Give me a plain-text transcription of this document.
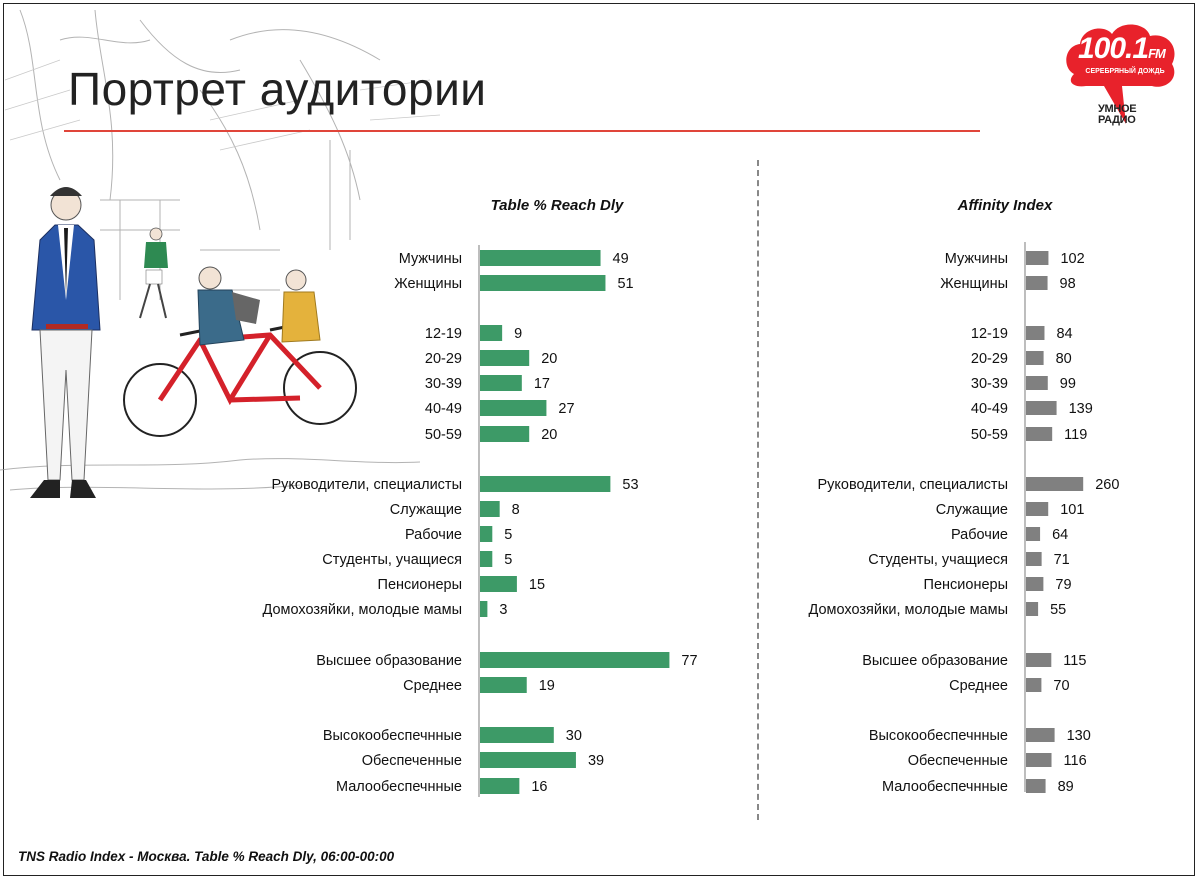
Портрет аудитории
100.1FM
СЕРЕБРЯНЫЙ ДОЖДЬ
УМНОЕ
РАДИО
Table % Reach Dly
Мужчины	49
Женщины	51
12-19	9
20-29	20
30-39	17
40-49	27
50-59	20
Руководители, специалисты	53
Служащие	8
Рабочие	5
Студенты, учащиеся	5
Пенсионеры	15
Домохозяйки, молодые мамы	3
Высшее образование	77
Среднее	19
Высокообеспечнные	30
Обеспеченные	39
Малообеспечнные	16
Affinity Index
Мужчины	102
Женщины	98
12-19	84
20-29	80
30-39	99
40-49	139
50-59	119
Руководители, специалисты	260
Служащие	101
Рабочие	64
Студенты, учащиеся	71
Пенсионеры	79
Домохозяйки, молодые мамы	55
Высшее образование	115
Среднее	70
Высокообеспечнные	130
Обеспеченные	116
Малообеспечнные	89
TNS Radio Index - Москва. Table % Reach Dly, 06:00-00:00
